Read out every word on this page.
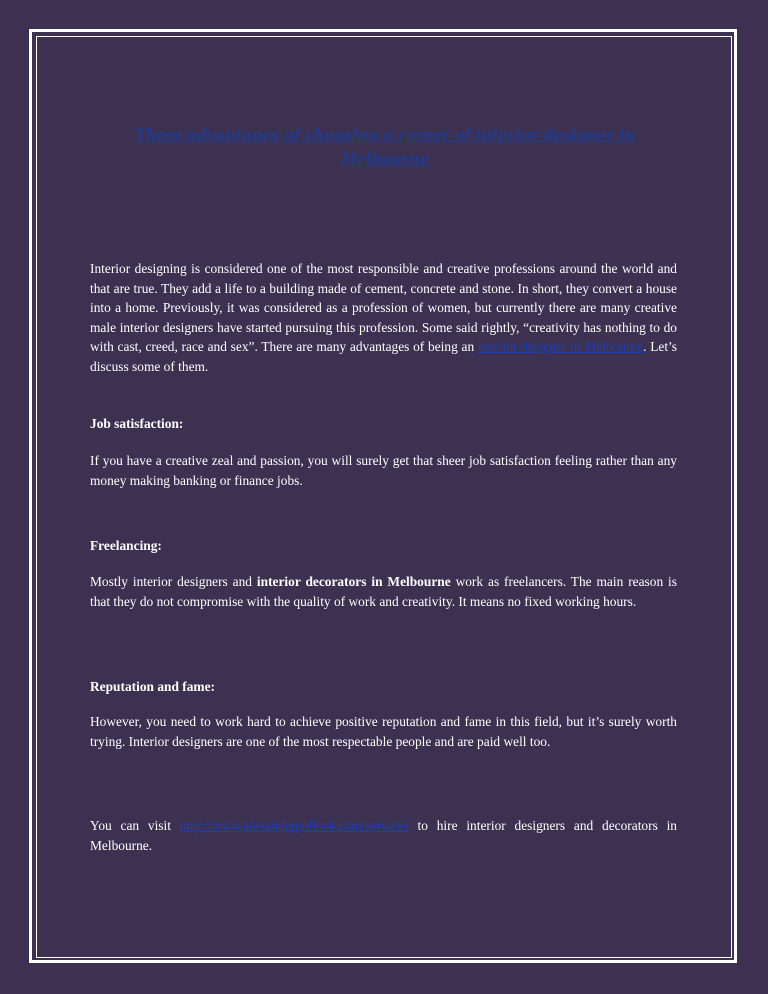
Three advantages of choosing a career of interior designer in
Melbourne

Interior designing is considered one of the most responsible and creative professions around the world and that are true. They add a life to a building made of cement, concrete and stone. In short, they convert a house into a home. Previously, it was considered as a profession of women, but currently there are many creative male interior designers have started pursuing this profession. Some said rightly, “creativity has nothing to do with cast, creed, race and sex”. There are many advantages of being an interior designer in Melbourne. Let’s discuss some of them.

Job satisfaction:

If you have a creative zeal and passion, you will surely get that sheer job satisfaction feeling rather than any money making banking or finance jobs.

Freelancing:

Mostly interior designers and interior decorators in Melbourne work as freelancers. The main reason is that they do not compromise with the quality of work and creativity. It means no fixed working hours.

Reputation and fame:

However, you need to work hard to achieve positive reputation and fame in this field, but it’s surely worth trying. Interior designers are one of the most respectable people and are paid well too.

You can visit http://www.alexanderpollock.com/services to hire interior designers and decorators in Melbourne.
